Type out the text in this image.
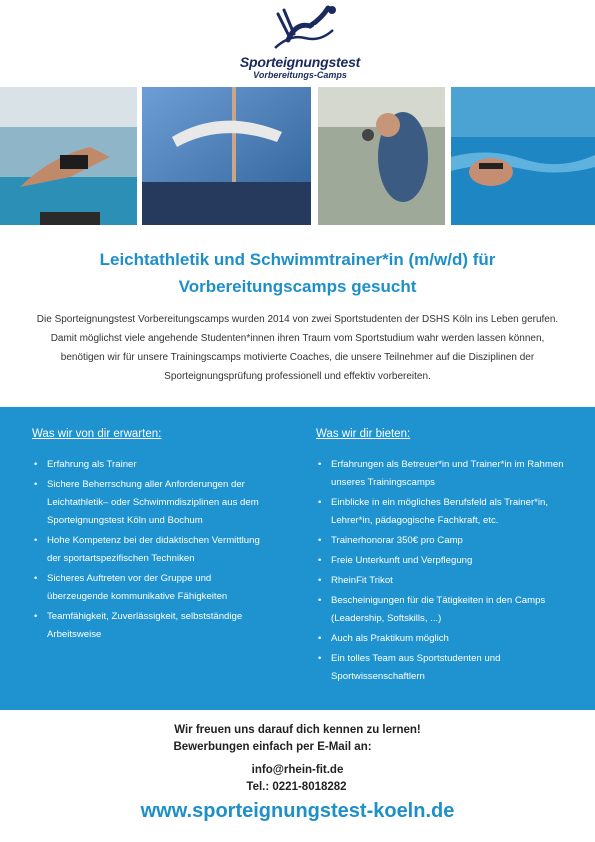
Sporteignungstest
Vorbereitungs-Camps
Leichtathletik und Schwimmtrainer*in (m/w/d) für
Vorbereitungscamps gesucht
Die Sporteignungstest Vorbereitungscamps wurden 2014 von zwei Sportstudenten der DSHS Köln ins Leben gerufen.
Damit möglichst viele angehende Studenten*innen ihren Traum vom Sportstudium wahr werden lassen können,
benötigen wir für unsere Trainingscamps motivierte Coaches, die unsere Teilnehmer auf die Disziplinen der
Sporteignungsprüfung professionell und effektiv vorbereiten.
Was wir von dir erwarten:
• Erfahrung als Trainer
• Sichere Beherrschung aller Anforderungen der Leichtathletik– oder Schwimmdisziplinen aus dem Sporteignungstest Köln und Bochum
• Hohe Kompetenz bei der didaktischen Vermittlung der sportartspezifischen Techniken
• Sicheres Auftreten vor der Gruppe und überzeugende kommunikative Fähigkeiten
• Teamfähigkeit, Zuverlässigkeit, selbstständige Arbeitsweise
Was wir dir bieten:
• Erfahrungen als Betreuer*in und Trainer*in im Rahmen unseres Trainingscamps
• Einblicke in ein mögliches Berufsfeld als Trainer*in, Lehrer*in, pädagogische Fachkraft, etc.
• Trainerhonorar 350€ pro Camp
• Freie Unterkunft und Verpflegung
• RheinFit Trikot
• Bescheinigungen für die Tätigkeiten in den Camps (Leadership, Softskills, ...)
• Auch als Praktikum möglich
• Ein tolles Team aus Sportstudenten und Sportwissenschaftlern
Wir freuen uns darauf dich kennen zu lernen!
Bewerbungen einfach per E-Mail an:
info@rhein-fit.de
Tel.: 0221-8018282
www.sporteignungstest-koeln.de
